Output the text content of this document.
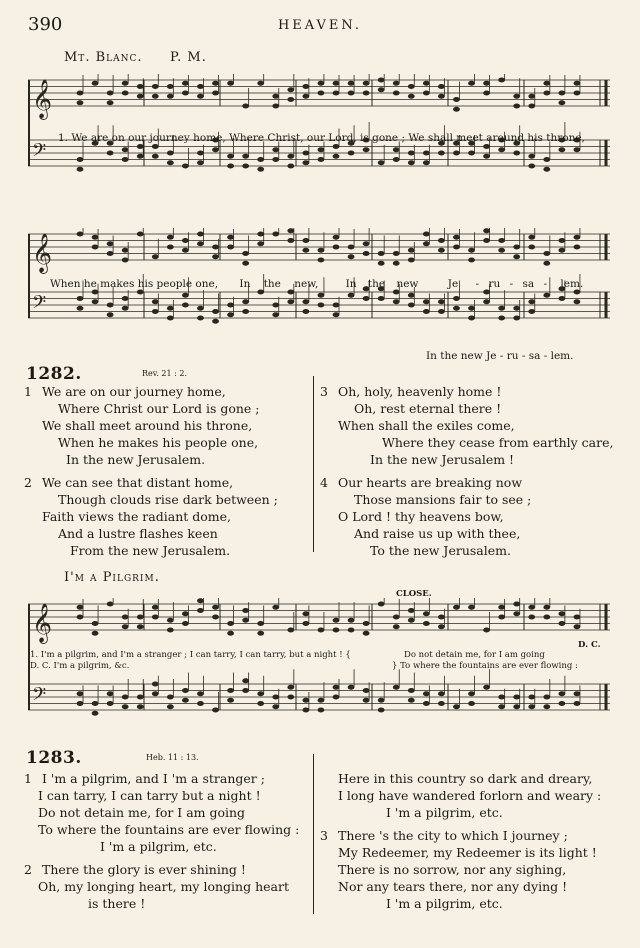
390	HEAVEN.
Mt. Blanc. P. M.
𝄞
𝄢
1. We are on our journey home, Where Christ, our Lord, is gone ; We shall meet around his throne,
𝄞
𝄢
When he makes his people one, In the new,	In the new	Je - ru - sa - lem.
In the new Je - ru - sa - lem.
1282.	Rev. 21 : 2.
1 We are on our journey home,
Where Christ our Lord is gone ;
We shall meet around his throne,
When he makes his people one,
In the new Jerusalem.
2 We can see that distant home,
Though clouds rise dark between ;
Faith views the radiant dome,
And a lustre flashes keen
From the new Jerusalem.
3 Oh, holy, heavenly home !
Oh, rest eternal there !
When shall the exiles come,
Where they cease from earthly care,
In the new Jerusalem !
4 Our hearts are breaking now
Those mansions fair to see ;
O Lord ! thy heavens bow,
And raise us up with thee,
To the new Jerusalem.
I'm a Pilgrim.
CLOSE.
D. C.
𝄞
𝄢
1. I'm a pilgrim, and I'm a stranger ; I can tarry, I can tarry, but a night ! {	Do not detain me, for I am going
D. C. I'm a pilgrim, &c.	} To where the fountains are ever flowing :
1283.	Heb. 11 : 13.
1 I 'm a pilgrim, and I 'm a stranger ;
I can tarry, I can tarry but a night !
Do not detain me, for I am going
To where the fountains are ever flowing :
I 'm a pilgrim, etc.
2 There the glory is ever shining !
Oh, my longing heart, my longing heart
is there !
Here in this country so dark and dreary,
I long have wandered forlorn and weary :
I 'm a pilgrim, etc.
3 There 's the city to which I journey ;
My Redeemer, my Redeemer is its light !
There is no sorrow, nor any sighing,
Nor any tears there, nor any dying !
I 'm a pilgrim, etc.
